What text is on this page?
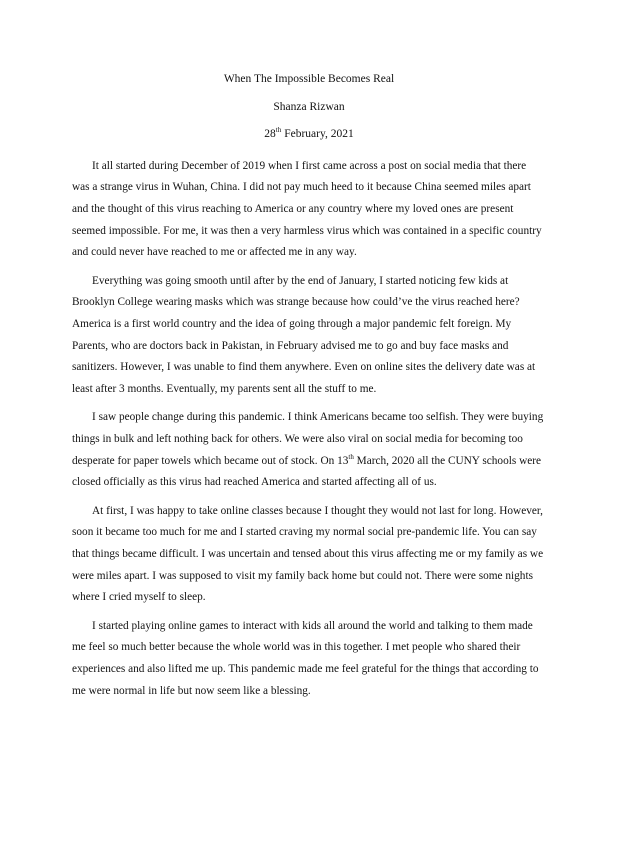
When The Impossible Becomes Real
Shanza Rizwan
28th February, 2021

It all started during December of 2019 when I first came across a post on social media that there was a strange virus in Wuhan, China. I did not pay much heed to it because China seemed miles apart and the thought of this virus reaching to America or any country where my loved ones are present seemed impossible. For me, it was then a very harmless virus which was contained in a specific country and could never have reached to me or affected me in any way.

Everything was going smooth until after by the end of January, I started noticing few kids at Brooklyn College wearing masks which was strange because how could’ve the virus reached here? America is a first world country and the idea of going through a major pandemic felt foreign. My Parents, who are doctors back in Pakistan, in February advised me to go and buy face masks and sanitizers. However, I was unable to find them anywhere. Even on online sites the delivery date was at least after 3 months. Eventually, my parents sent all the stuff to me.

I saw people change during this pandemic. I think Americans became too selfish. They were buying things in bulk and left nothing back for others. We were also viral on social media for becoming too desperate for paper towels which became out of stock. On 13th March, 2020 all the CUNY schools were closed officially as this virus had reached America and started affecting all of us.

At first, I was happy to take online classes because I thought they would not last for long. However, soon it became too much for me and I started craving my normal social pre-pandemic life. You can say that things became difficult. I was uncertain and tensed about this virus affecting me or my family as we were miles apart. I was supposed to visit my family back home but could not. There were some nights where I cried myself to sleep.

I started playing online games to interact with kids all around the world and talking to them made me feel so much better because the whole world was in this together. I met people who shared their experiences and also lifted me up. This pandemic made me feel grateful for the things that according to me were normal in life but now seem like a blessing.
